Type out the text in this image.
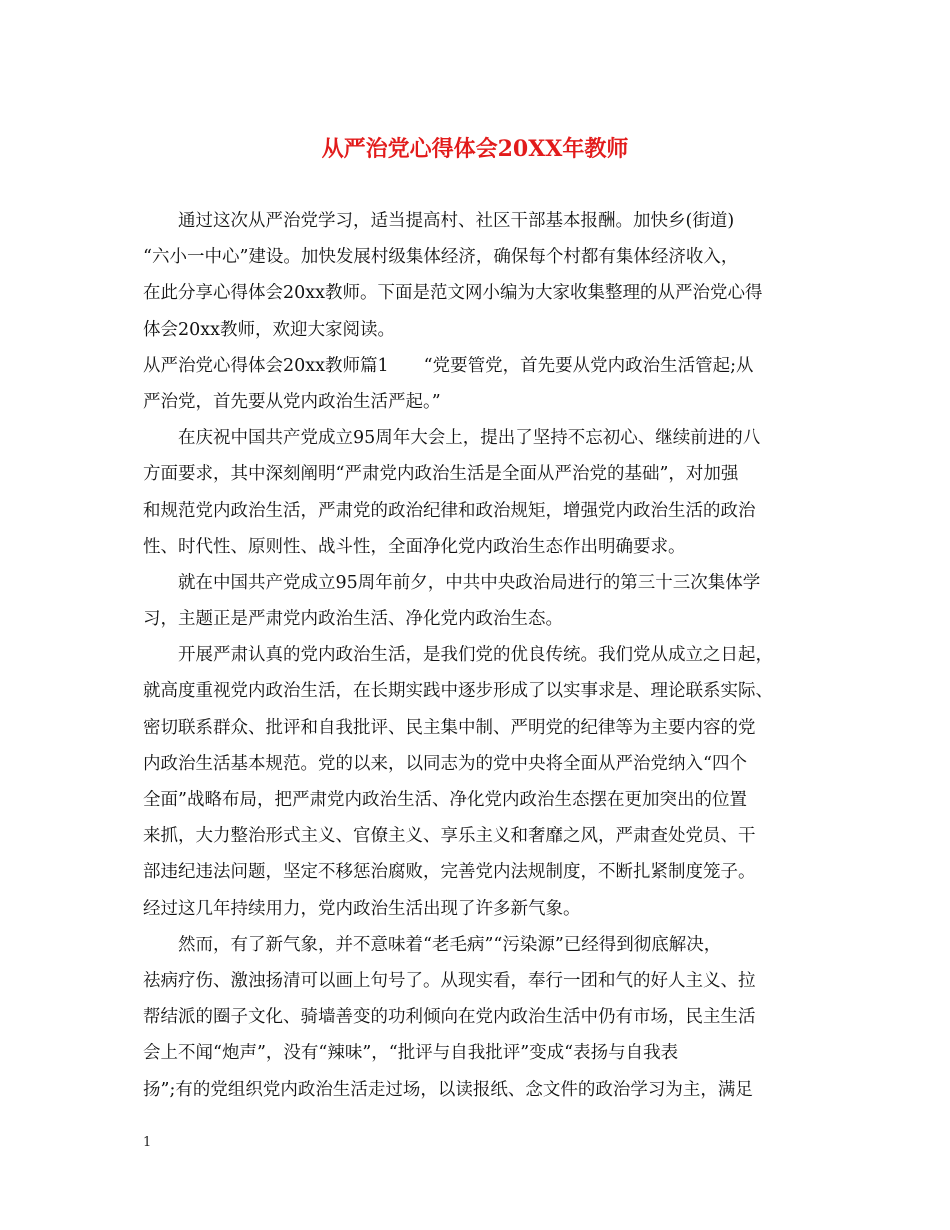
从严治党心得体会20XX年教师
　　通过这次从严治党学习，适当提高村、社区干部基本报酬。加快乡(街道)
“六小一中心”建设。加快发展村级集体经济，确保每个村都有集体经济收入，
在此分享心得体会20xx教师。下面是范文网小编为大家收集整理的从严治党心得
体会20xx教师，欢迎大家阅读。
从严治党心得体会20xx教师篇1　　“党要管党，首先要从党内政治生活管起;从
严治党，首先要从党内政治生活严起。”
　　在庆祝中国共产党成立95周年大会上，提出了坚持不忘初心、继续前进的八
方面要求，其中深刻阐明“严肃党内政治生活是全面从严治党的基础”，对加强
和规范党内政治生活，严肃党的政治纪律和政治规矩，增强党内政治生活的政治
性、时代性、原则性、战斗性，全面净化党内政治生态作出明确要求。
　　就在中国共产党成立95周年前夕，中共中央政治局进行的第三十三次集体学
习，主题正是严肃党内政治生活、净化党内政治生态。
　　开展严肃认真的党内政治生活，是我们党的优良传统。我们党从成立之日起，
就高度重视党内政治生活，在长期实践中逐步形成了以实事求是、理论联系实际、
密切联系群众、批评和自我批评、民主集中制、严明党的纪律等为主要内容的党
内政治生活基本规范。党的以来，以同志为的党中央将全面从严治党纳入“四个
全面”战略布局，把严肃党内政治生活、净化党内政治生态摆在更加突出的位置
来抓，大力整治形式主义、官僚主义、享乐主义和奢靡之风，严肃查处党员、干
部违纪违法问题，坚定不移惩治腐败，完善党内法规制度，不断扎紧制度笼子。
经过这几年持续用力，党内政治生活出现了许多新气象。
　　然而，有了新气象，并不意味着“老毛病”“污染源”已经得到彻底解决，
祛病疗伤、激浊扬清可以画上句号了。从现实看，奉行一团和气的好人主义、拉
帮结派的圈子文化、骑墙善变的功利倾向在党内政治生活中仍有市场，民主生活
会上不闻“炮声”，没有“辣味”，“批评与自我批评”变成“表扬与自我表
扬”;有的党组织党内政治生活走过场，以读报纸、念文件的政治学习为主，满足
1
